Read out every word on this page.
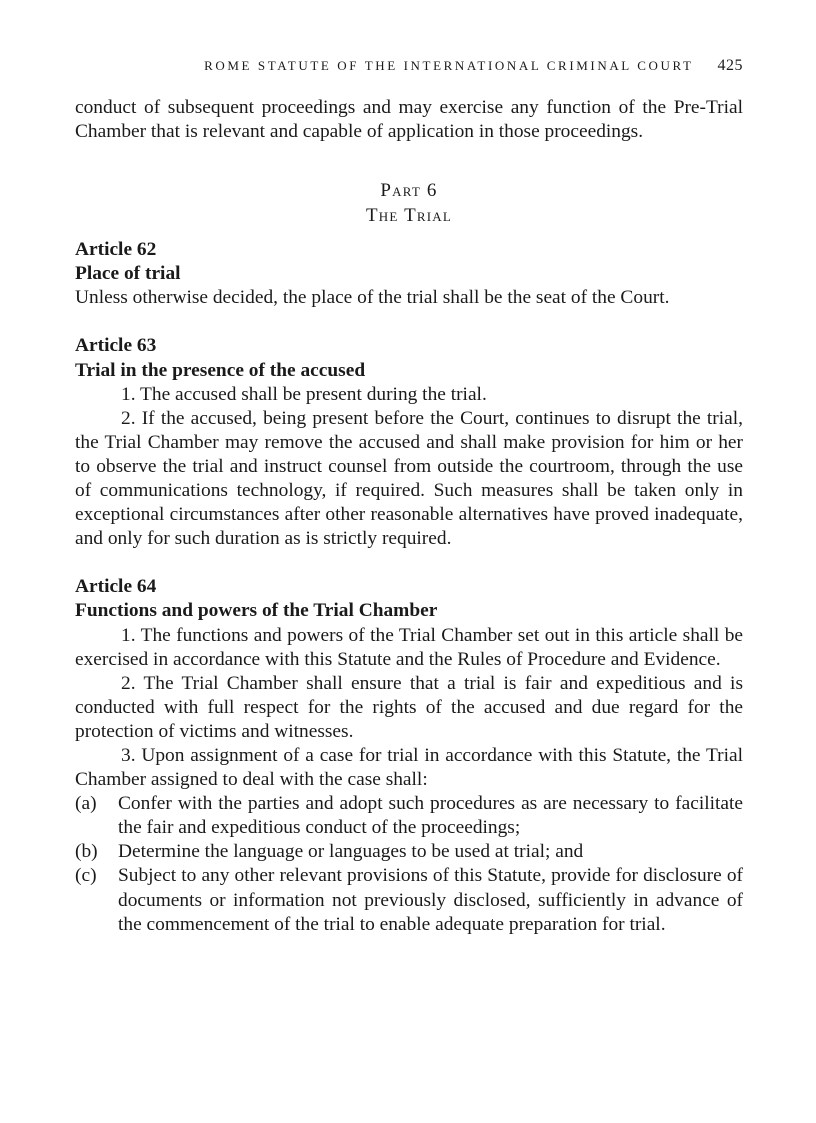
ROME STATUTE OF THE INTERNATIONAL CRIMINAL COURT 425

conduct of subsequent proceedings and may exercise any function of the Pre-Trial Chamber that is relevant and capable of application in those proceedings.

Part 6
The Trial

Article 62

Place of trial

Unless otherwise decided, the place of the trial shall be the seat of the Court.

Article 63

Trial in the presence of the accused

1. The accused shall be present during the trial.

2. If the accused, being present before the Court, continues to disrupt the trial, the Trial Chamber may remove the accused and shall make provision for him or her to observe the trial and instruct counsel from outside the courtroom, through the use of communications technology, if required. Such measures shall be taken only in exceptional circumstances after other reasonable alternatives have proved inadequate, and only for such duration as is strictly required.

Article 64

Functions and powers of the Trial Chamber

1. The functions and powers of the Trial Chamber set out in this article shall be exercised in accordance with this Statute and the Rules of Procedure and Evidence.

2. The Trial Chamber shall ensure that a trial is fair and expeditious and is conducted with full respect for the rights of the accused and due regard for the protection of victims and witnesses.

3. Upon assignment of a case for trial in accordance with this Statute, the Trial Chamber assigned to deal with the case shall:

(a)	Confer with the parties and adopt such procedures as are necessary to facilitate the fair and expeditious conduct of the proceedings;
(b)	Determine the language or languages to be used at trial; and
(c)	Subject to any other relevant provisions of this Statute, provide for disclosure of documents or information not previously disclosed, sufficiently in advance of the commencement of the trial to enable adequate preparation for trial.
